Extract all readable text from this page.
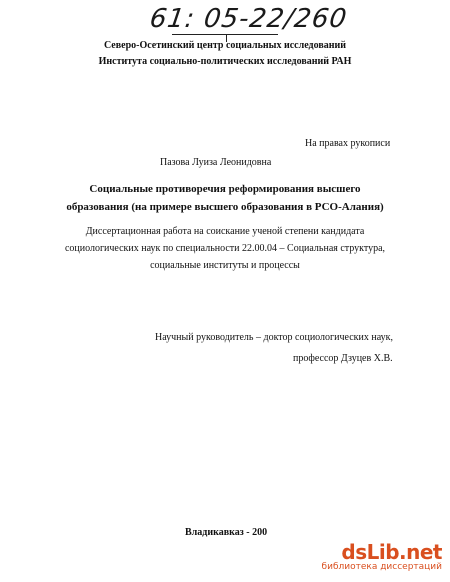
61: 05-22/260
Северо-Осетинский центр социальных исследований
Института социально-политических исследований РАН
На правах рукописи
Пазова Луиза Леонидовна
Социальные противоречия реформирования высшего
образования (на примере высшего образования в РСО-Алания)
Диссертационная работа на соискание ученой степени кандидата
социологических наук по специальности 22.00.04 – Социальная структура,
социальные институты и процессы
Научный руководитель – доктор социологических наук,
профессор Дзуцев Х.В.
Владикавказ - 200
dsLib.net
библиотека диссертаций
